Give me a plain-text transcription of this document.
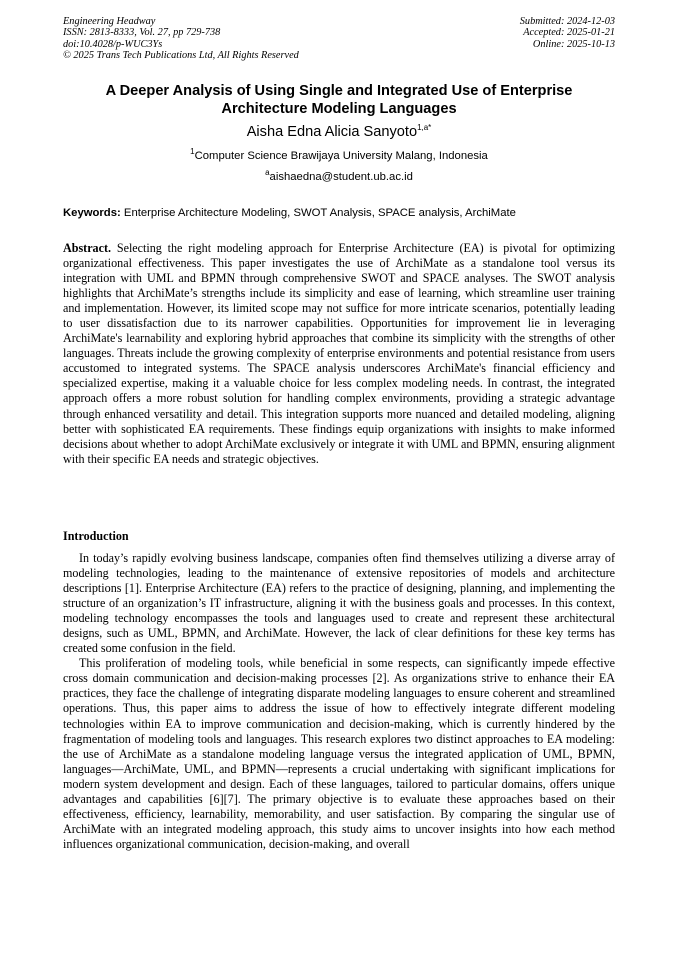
Engineering Headway
ISSN: 2813-8333, Vol. 27, pp 729-738
doi:10.4028/p-WUC3Ys
© 2025 Trans Tech Publications Ltd, All Rights Reserved
Submitted: 2024-12-03
Accepted: 2025-01-21
Online: 2025-10-13
A Deeper Analysis of Using Single and Integrated Use of Enterprise Architecture Modeling Languages
Aisha Edna Alicia Sanyoto$^{1,a*}$
$^1$Computer Science Brawijaya University Malang, Indonesia
$^a$aishaedna@student.ub.ac.id
Keywords: Enterprise Architecture Modeling, SWOT Analysis, SPACE analysis, ArchiMate
Abstract. Selecting the right modeling approach for Enterprise Architecture (EA) is pivotal for optimizing organizational effectiveness. This paper investigates the use of ArchiMate as a standalone tool versus its integration with UML and BPMN through comprehensive SWOT and SPACE analyses. The SWOT analysis highlights that ArchiMate’s strengths include its simplicity and ease of learning, which streamline user training and implementation. However, its limited scope may not suffice for more intricate scenarios, potentially leading to user dissatisfaction due to its narrower capabilities. Opportunities for improvement lie in leveraging ArchiMate's learnability and exploring hybrid approaches that combine its simplicity with the strengths of other languages. Threats include the growing complexity of enterprise environments and potential resistance from users accustomed to integrated systems. The SPACE analysis underscores ArchiMate's financial efficiency and specialized expertise, making it a valuable choice for less complex modeling needs. In contrast, the integrated approach offers a more robust solution for handling complex environments, providing a strategic advantage through enhanced versatility and detail. This integration supports more nuanced and detailed modeling, aligning better with sophisticated EA requirements. These findings equip organizations with insights to make informed decisions about whether to adopt ArchiMate exclusively or integrate it with UML and BPMN, ensuring alignment with their specific EA needs and strategic objectives.
Introduction

In today’s rapidly evolving business landscape, companies often find themselves utilizing a diverse array of modeling technologies, leading to the maintenance of extensive repositories of models and architecture descriptions [1]. Enterprise Architecture (EA) refers to the practice of designing, planning, and implementing the structure of an organization’s IT infrastructure, aligning it with the business goals and processes. In this context, modeling technology encompasses the tools and languages used to create and represent these architectural designs, such as UML, BPMN, and ArchiMate. However, the lack of clear definitions for these key terms has created some confusion in the field.

This proliferation of modeling tools, while beneficial in some respects, can significantly impede effective cross domain communication and decision-making processes [2]. As organizations strive to enhance their EA practices, they face the challenge of integrating disparate modeling languages to ensure coherent and streamlined operations. Thus, this paper aims to address the issue of how to effectively integrate different modeling technologies within EA to improve communication and decision-making, which is currently hindered by the fragmentation of modeling tools and languages. This research explores two distinct approaches to EA modeling: the use of ArchiMate as a standalone modeling language versus the integrated application of UML, BPMN, languages—ArchiMate, UML, and BPMN—represents a crucial undertaking with significant implications for modern system development and design. Each of these languages, tailored to particular domains, offers unique advantages and capabilities [6][7]. The primary objective is to evaluate these approaches based on their effectiveness, efficiency, learnability, memorability, and user satisfaction. By comparing the singular use of ArchiMate with an integrated modeling approach, this study aims to uncover insights into how each method influences organizational communication, decision-making, and overall
